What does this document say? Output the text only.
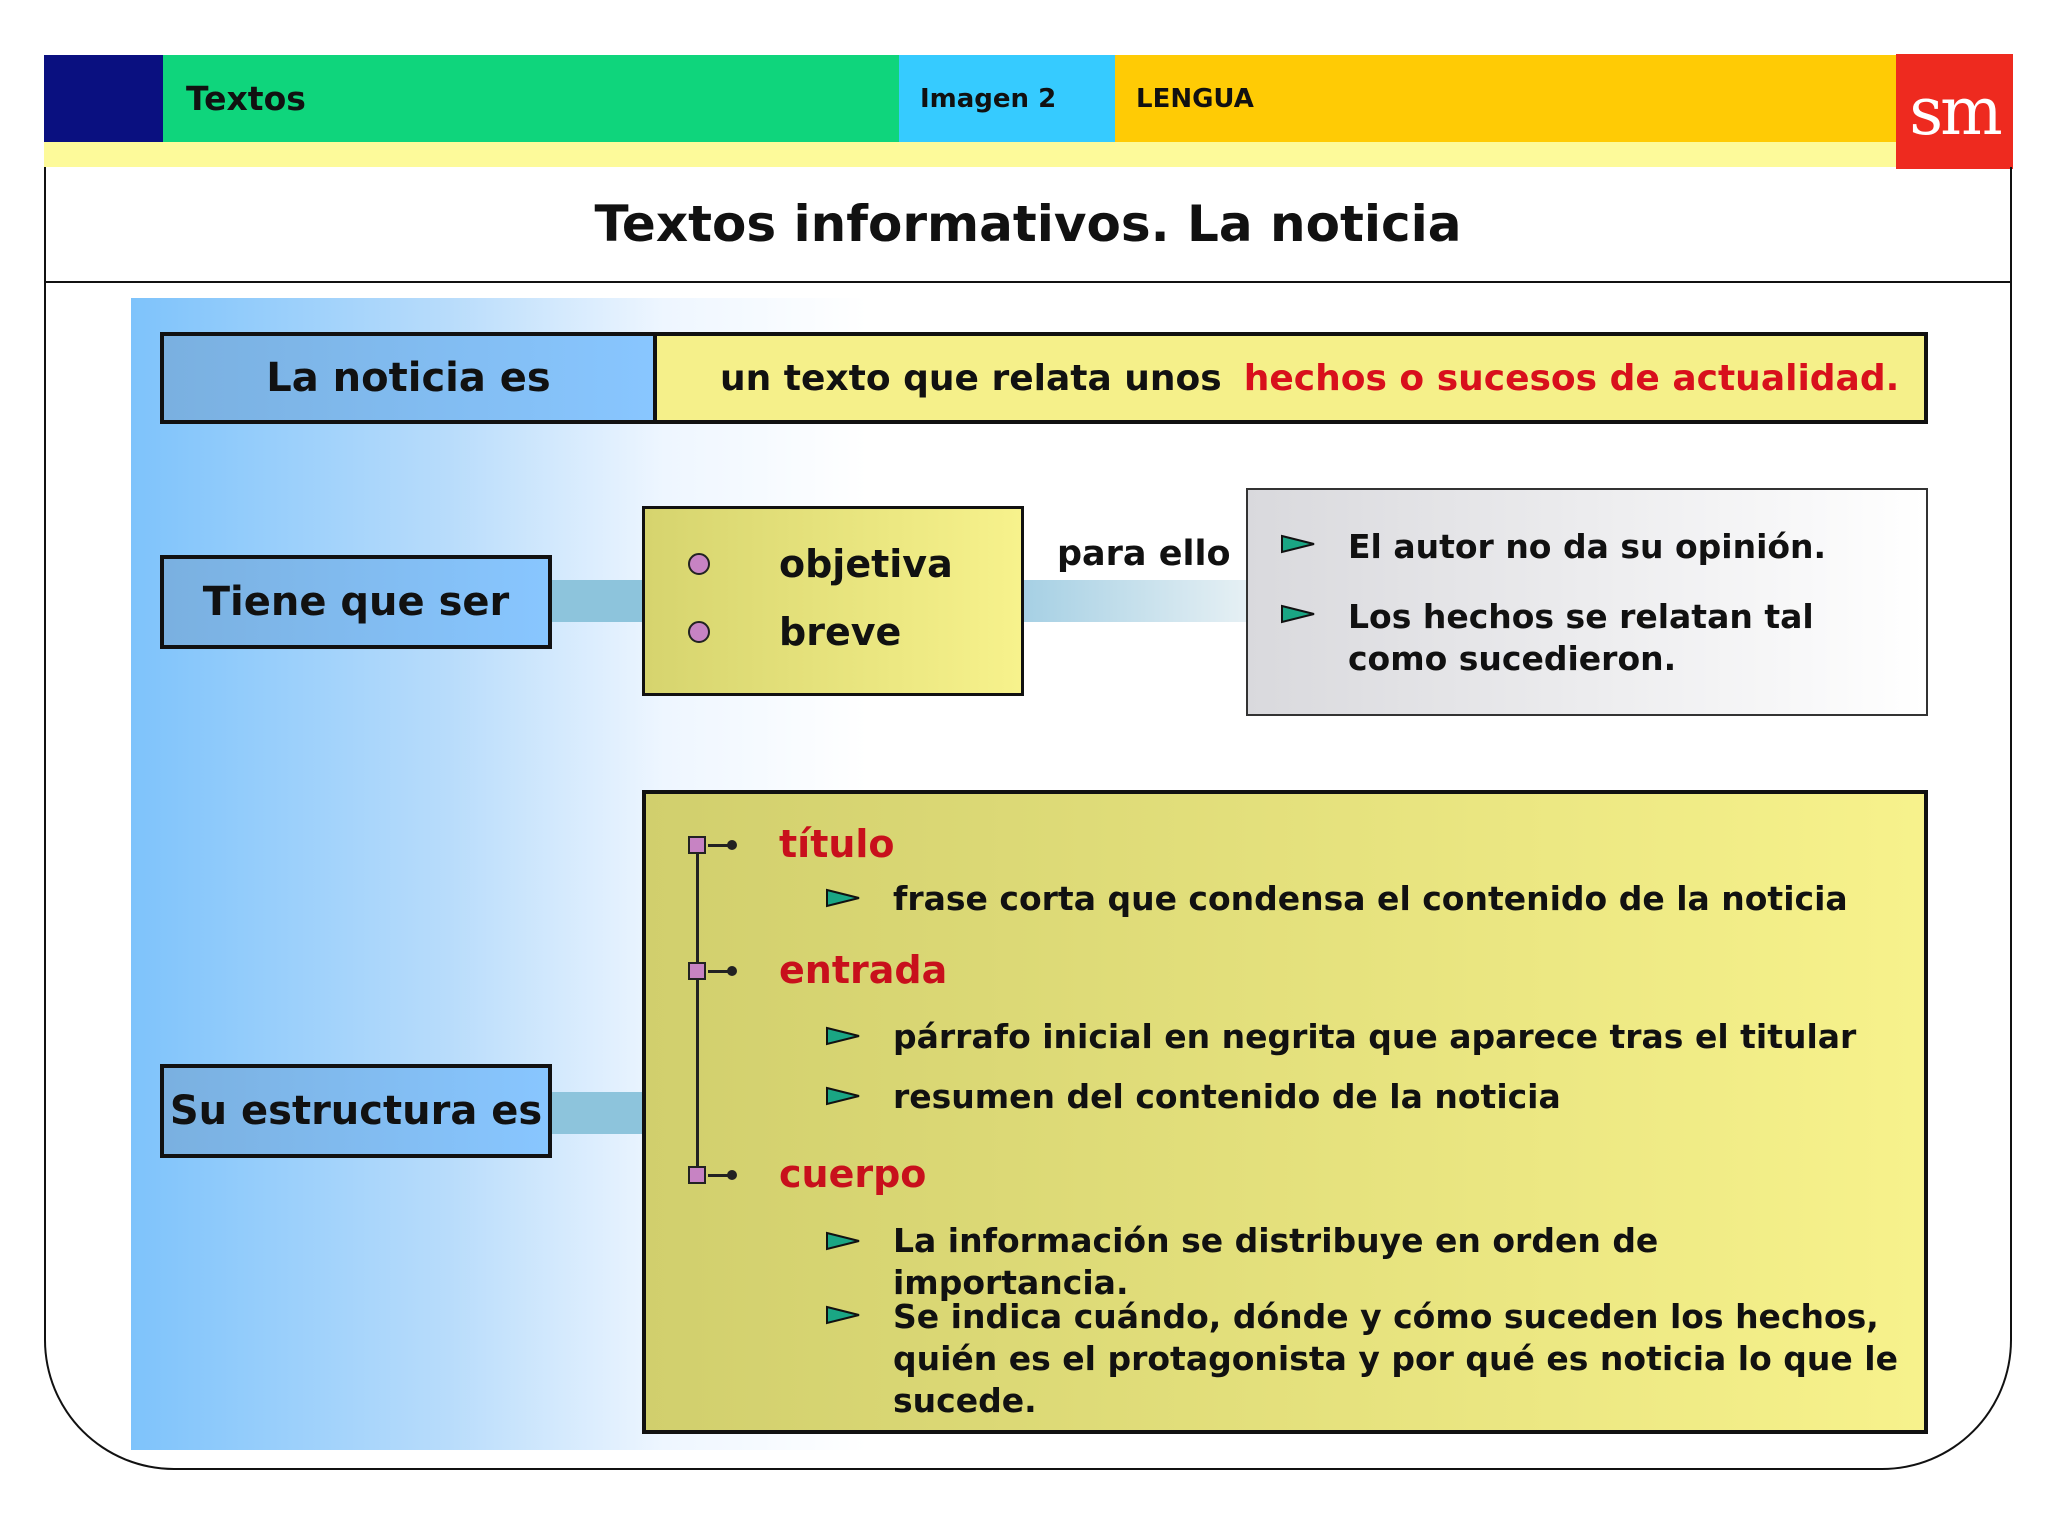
Textos	Imagen 2	LENGUA	sm
Textos informativos. La noticia
La noticia es	un texto que relata unos hechos o sucesos de actualidad.
Tiene que ser
objetiva
breve
para ello	El autor no da su opinión.
Los hechos se relatan tal como sucedieron.
Su estructura es
título
frase corta que condensa el contenido de la noticia
entrada
párrafo inicial en negrita que aparece tras el titular
resumen del contenido de la noticia
cuerpo
La información se distribuye en orden de importancia.
Se indica cuándo, dónde y cómo suceden los hechos, quién es el protagonista y por qué es noticia lo que le sucede.
